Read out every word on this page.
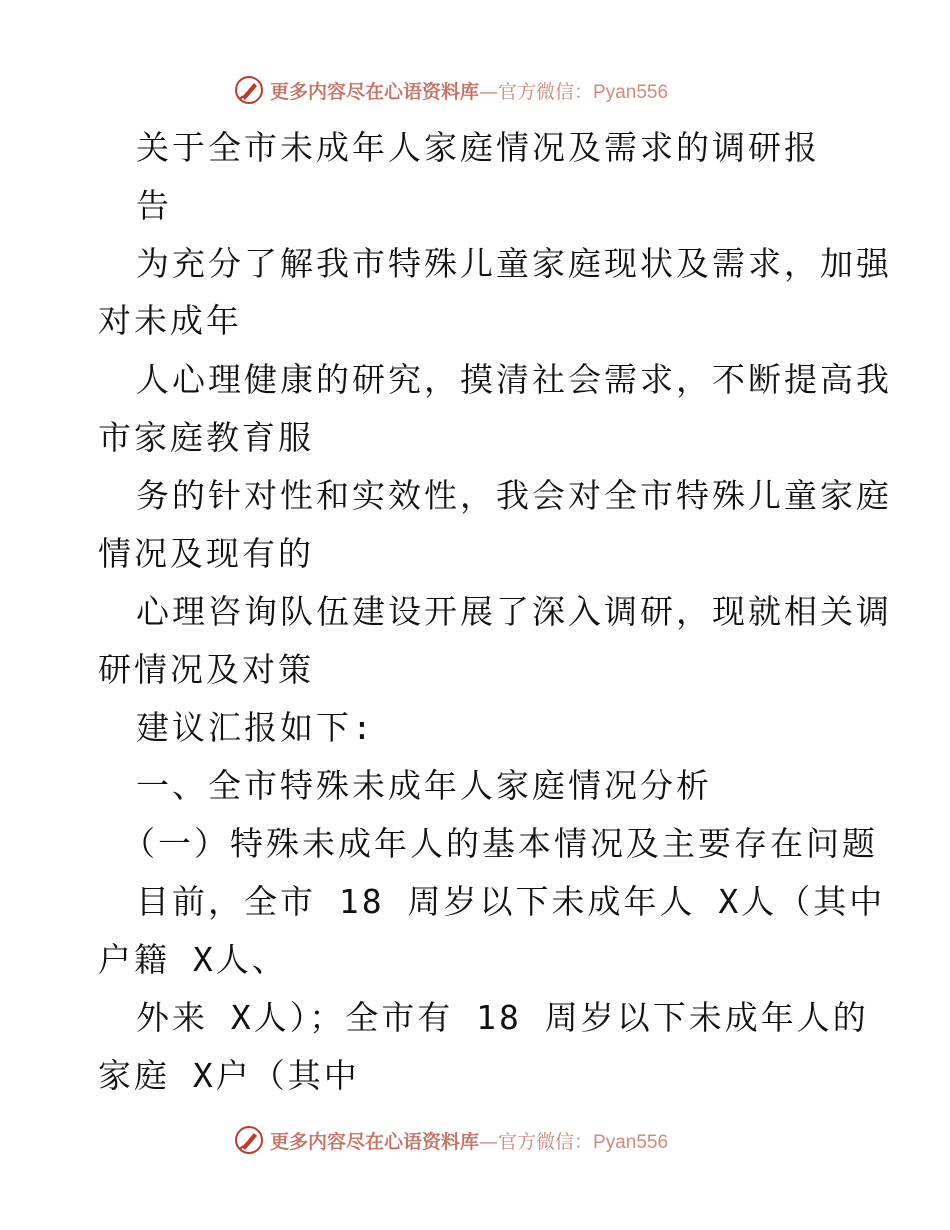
更多内容尽在心语资料库—官方微信：Pyan556
关于全市未成年人家庭情况及需求的调研报
告
为充分了解我市特殊儿童家庭现状及需求，加强
对未成年
人心理健康的研究，摸清社会需求，不断提高我
市家庭教育服
务的针对性和实效性，我会对全市特殊儿童家庭
情况及现有的
心理咨询队伍建设开展了深入调研，现就相关调
研情况及对策
建议汇报如下:
一、全市特殊未成年人家庭情况分析
（一）特殊未成年人的基本情况及主要存在问题
目前，全市 18 周岁以下未成年人 X人（其中
户籍 X人、
外来 X人）；全市有 18 周岁以下未成年人的
家庭 X户（其中
更多内容尽在心语资料库—官方微信：Pyan556
